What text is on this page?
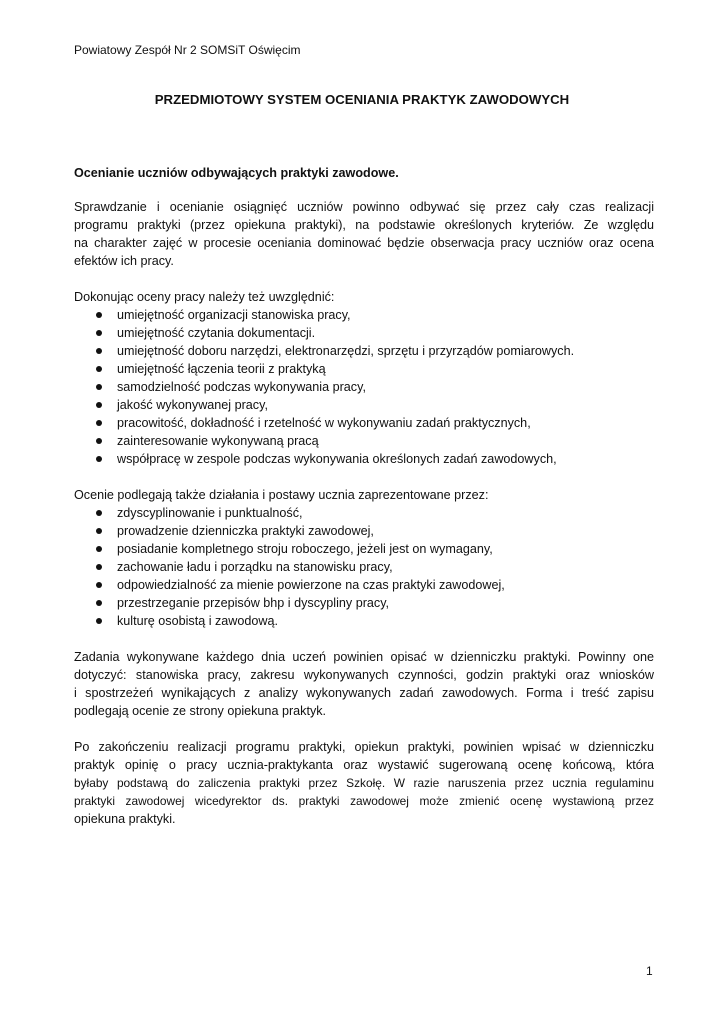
Powiatowy Zespół Nr 2 SOMSiT Oświęcim
PRZEDMIOTOWY SYSTEM OCENIANIA PRAKTYK ZAWODOWYCH
Ocenianie uczniów odbywających praktyki zawodowe.
Sprawdzanie i ocenianie osiągnięć uczniów powinno odbywać się przez cały czas realizacji
programu praktyki (przez opiekuna praktyki), na podstawie określonych kryteriów. Ze względu
na charakter zajęć w procesie oceniania dominować będzie obserwacja pracy uczniów oraz ocena
efektów ich pracy.
Dokonując oceny pracy należy też uwzględnić:
umiejętność organizacji stanowiska pracy,
umiejętność czytania dokumentacji.
umiejętność doboru narzędzi, elektronarzędzi, sprzętu i przyrządów pomiarowych.
umiejętność łączenia teorii z praktyką
samodzielność podczas wykonywania pracy,
jakość wykonywanej pracy,
pracowitość, dokładność i rzetelność w wykonywaniu zadań praktycznych,
zainteresowanie wykonywaną pracą
współpracę w zespole podczas wykonywania określonych zadań zawodowych,
Ocenie podlegają także działania i postawy ucznia zaprezentowane przez:
zdyscyplinowanie i punktualność,
prowadzenie dzienniczka praktyki zawodowej,
posiadanie kompletnego stroju roboczego, jeżeli jest on wymagany,
zachowanie ładu i porządku na stanowisku pracy,
odpowiedzialność za mienie powierzone na czas praktyki zawodowej,
przestrzeganie przepisów bhp i dyscypliny pracy,
kulturę osobistą i zawodową.
Zadania wykonywane każdego dnia uczeń powinien opisać w dzienniczku praktyki. Powinny one
dotyczyć: stanowiska pracy, zakresu wykonywanych czynności, godzin praktyki oraz wniosków
i spostrzeżeń wynikających z analizy wykonywanych zadań zawodowych. Forma i treść zapisu
podlegają ocenie ze strony opiekuna praktyk.
Po zakończeniu realizacji programu praktyki, opiekun praktyki, powinien wpisać w dzienniczku
praktyk opinię o pracy ucznia-praktykanta oraz wystawić sugerowaną ocenę końcową, która
byłaby podstawą do zaliczenia praktyki przez Szkołę. W razie naruszenia przez ucznia regulaminu
praktyki zawodowej wicedyrektor ds. praktyki zawodowej może zmienić ocenę wystawioną przez
opiekuna praktyki.
1
